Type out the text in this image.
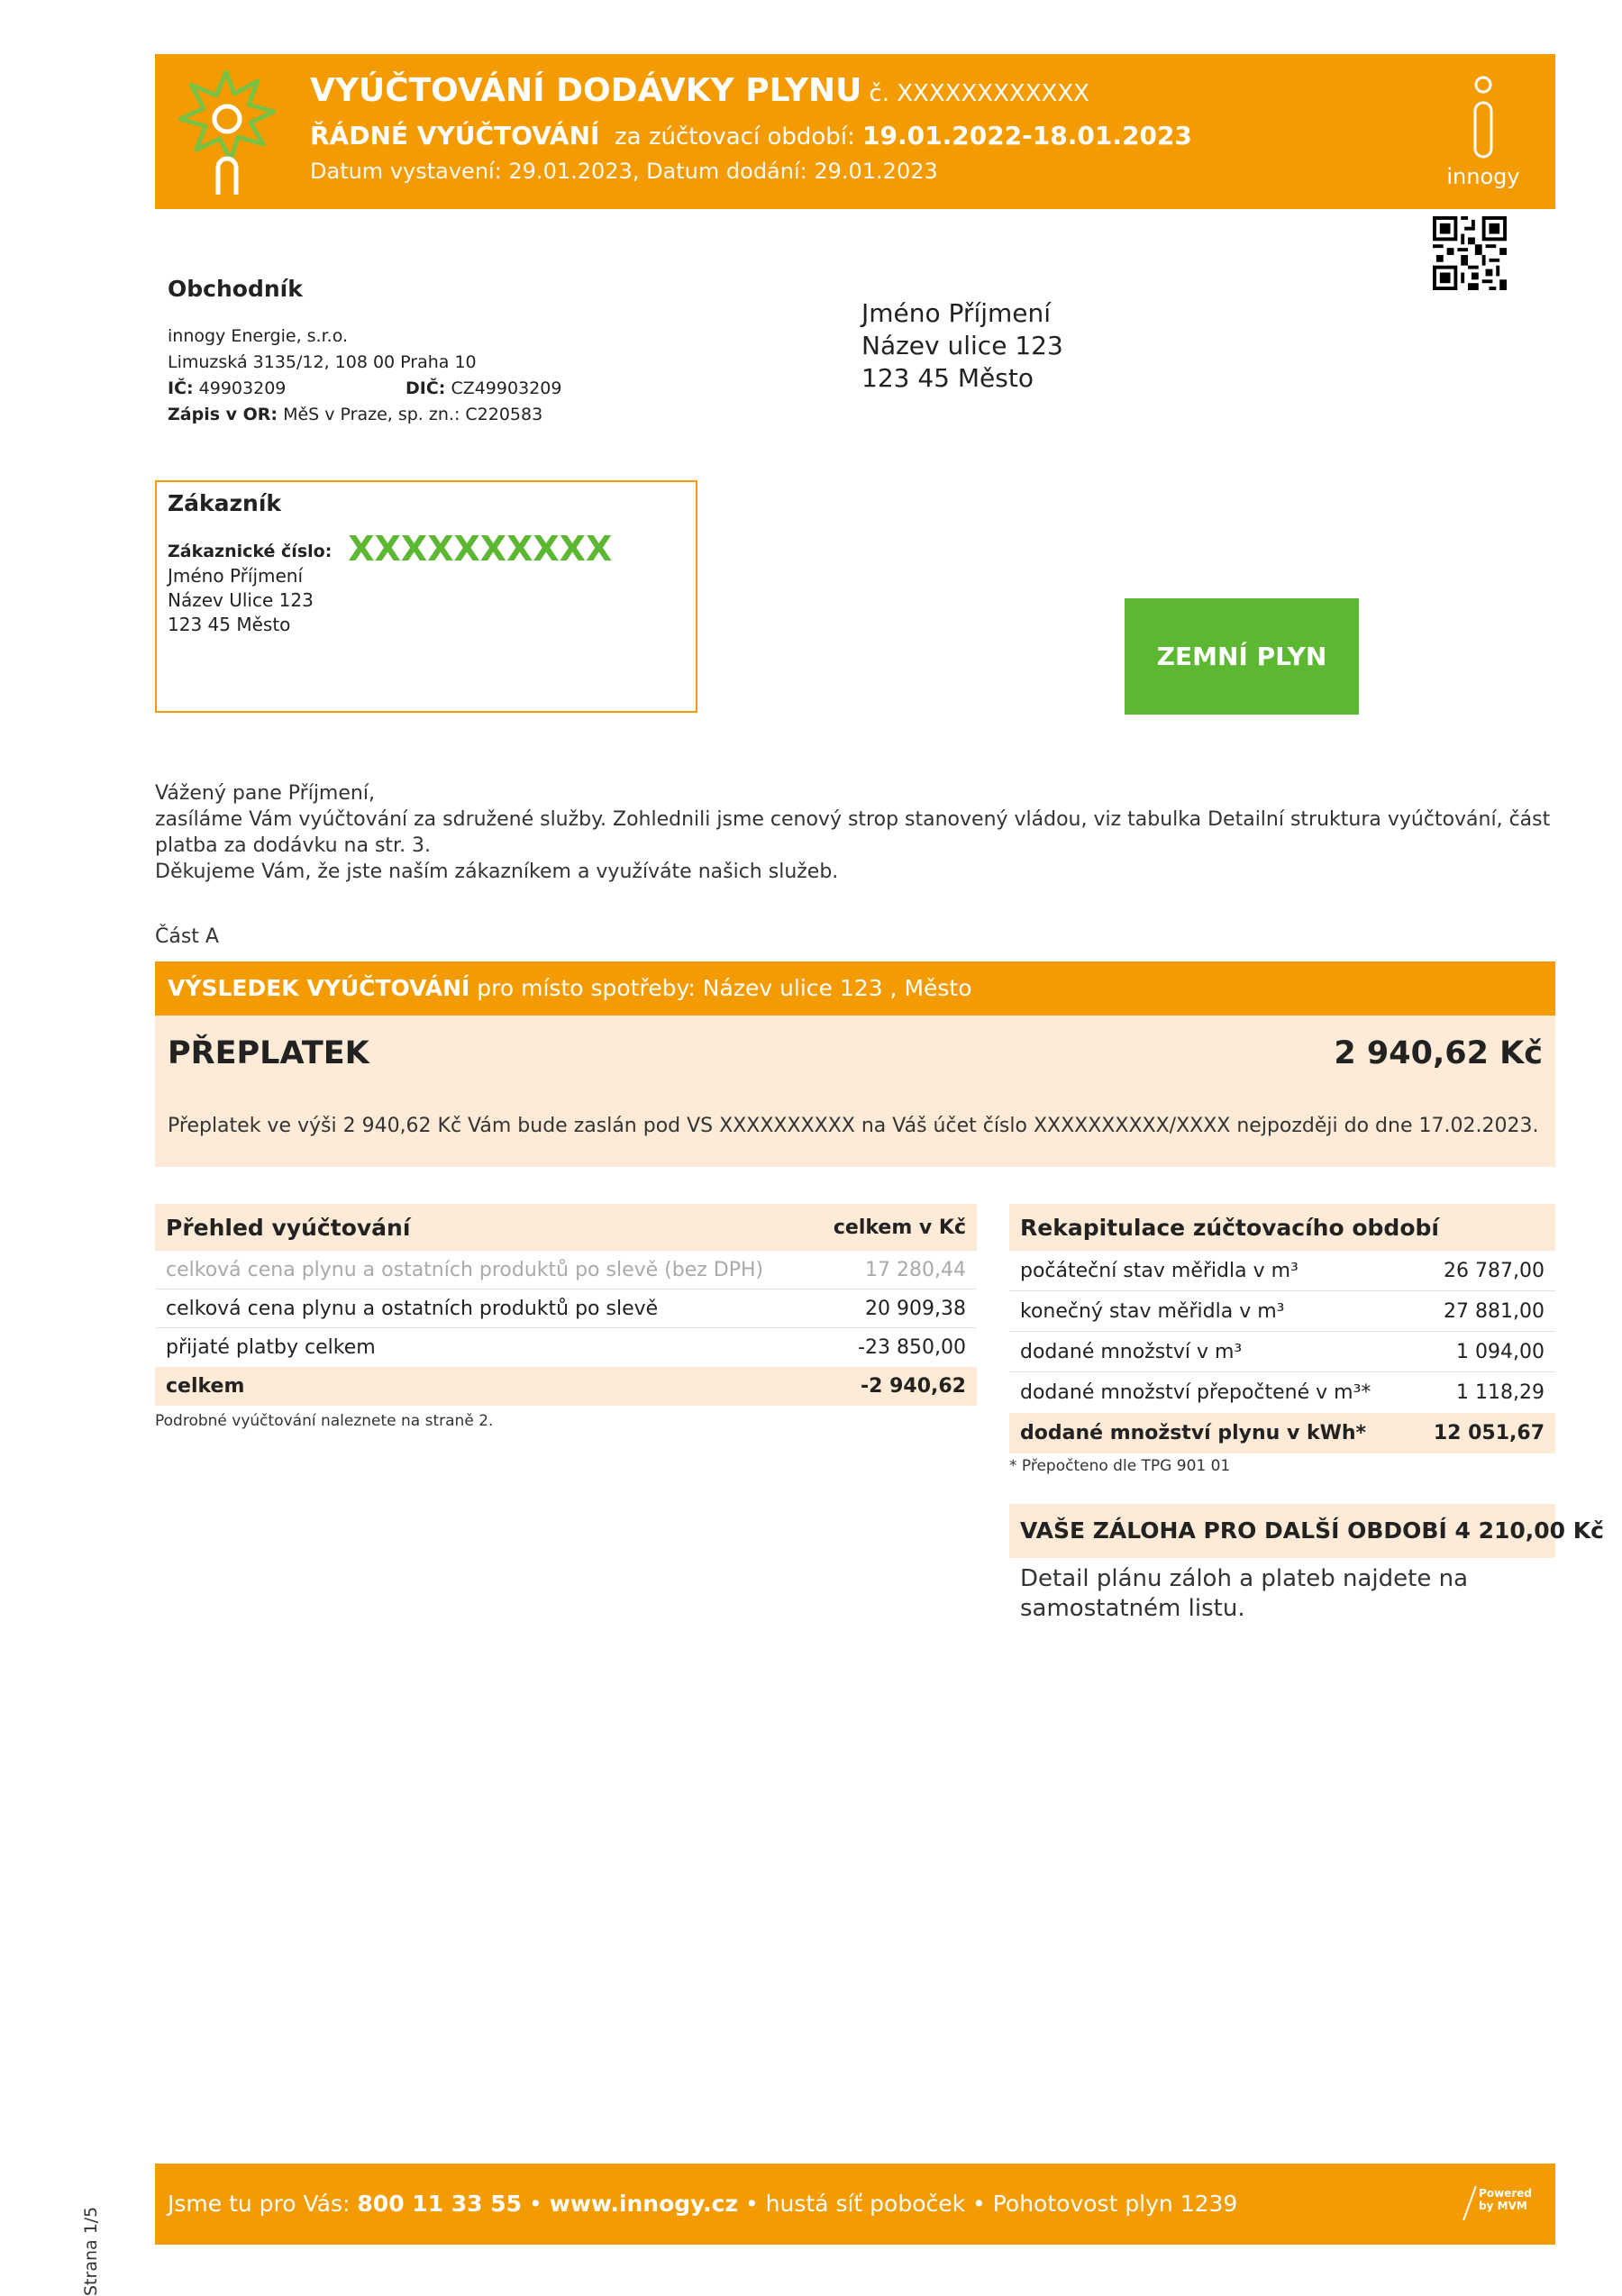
VYÚČTOVÁNÍ DODÁVKY PLYNU č. XXXXXXXXXXXX
ŘÁDNÉ VYÚČTOVÁNÍ za zúčtovací období: 19.01.2022-18.01.2023
Datum vystavení: 29.01.2023, Datum dodání: 29.01.2023	innogy
Obchodník
innogy Energie, s.r.o.
Limuzská 3135/12, 108 00 Praha 10
IČ: 49903209	DIČ: CZ49903209
Zápis v OR: MěS v Praze, sp. zn.: C220583
Jméno Příjmení
Název ulice 123
123 45 Město
Zákazník
Zákaznické číslo: XXXXXXXXXX
Jméno Příjmení
Název Ulice 123
123 45 Město
ZEMNÍ PLYN
Vážený pane Příjmení,
zasíláme Vám vyúčtování za sdružené služby. Zohlednili jsme cenový strop stanovený vládou, viz tabulka Detailní struktura vyúčtování, část platba za dodávku na str. 3.
Děkujeme Vám, že jste naším zákazníkem a využíváte našich služeb.
Část A
VÝSLEDEK VYÚČTOVÁNÍ pro místo spotřeby: Název ulice 123 , Město
PŘEPLATEK	2 940,62 Kč
Přeplatek ve výši 2 940,62 Kč Vám bude zaslán pod VS XXXXXXXXXX na Váš účet číslo XXXXXXXXXX/XXXX nejpozději do dne 17.02.2023.
Přehled vyúčtování	celkem v Kč
celková cena plynu a ostatních produktů po slevě (bez DPH)	17 280,44
celková cena plynu a ostatních produktů po slevě	20 909,38
přijaté platby celkem	-23 850,00
celkem	-2 940,62
Podrobné vyúčtování naleznete na straně 2.
Rekapitulace zúčtovacího období
počáteční stav měřidla v m³	26 787,00
konečný stav měřidla v m³	27 881,00
dodané množství v m³	1 094,00
dodané množství přepočtené v m³*	1 118,29
dodané množství plynu v kWh*	12 051,67
* Přepočteno dle TPG 901 01
VAŠE ZÁLOHA PRO DALŠÍ OBDOBÍ 4 210,00 Kč
Detail plánu záloh a plateb najdete na samostatném listu.
Strana 1/5
Jsme tu pro Vás: 800 11 33 55 • www.innogy.cz • hustá síť poboček • Pohotovost plyn 1239	Powered
by MVM
